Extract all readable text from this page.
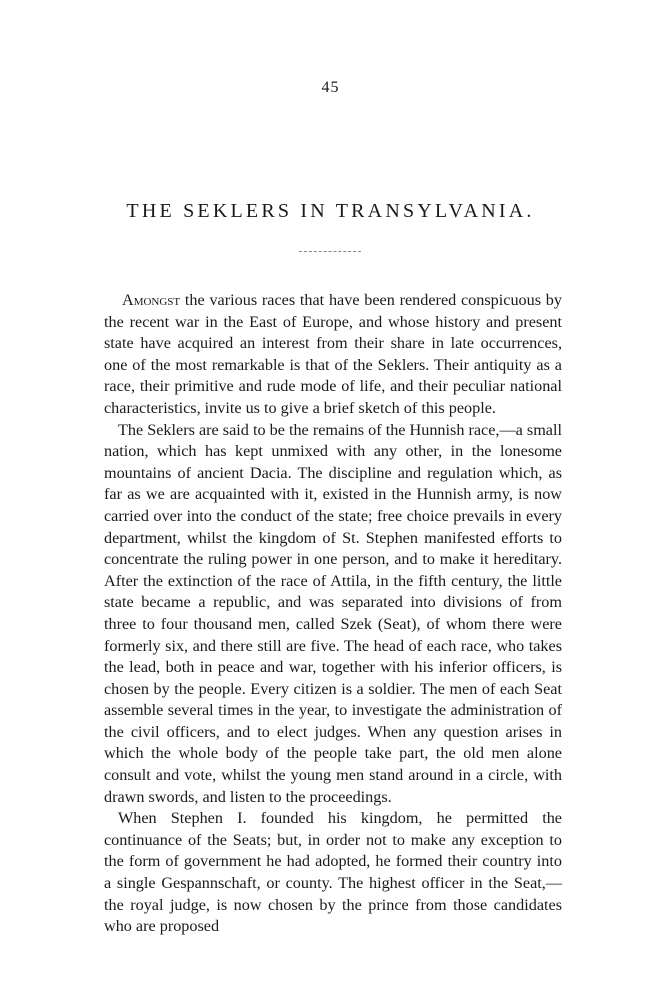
45
THE SEKLERS IN TRANSYLVANIA.

Amongst the various races that have been rendered conspicuous by the recent war in the East of Europe, and whose history and present state have acquired an interest from their share in late occurrences, one of the most remarkable is that of the Seklers. Their antiquity as a race, their primitive and rude mode of life, and their peculiar national characteristics, invite us to give a brief sketch of this people.

The Seklers are said to be the remains of the Hunnish race,—a small nation, which has kept unmixed with any other, in the lonesome mountains of ancient Dacia. The discipline and regulation which, as far as we are acquainted with it, existed in the Hunnish army, is now carried over into the conduct of the state; free choice prevails in every department, whilst the kingdom of St. Stephen manifested efforts to concentrate the ruling power in one person, and to make it hereditary. After the extinction of the race of Attila, in the fifth century, the little state became a republic, and was separated into divisions of from three to four thousand men, called Szek (Seat), of whom there were formerly six, and there still are five. The head of each race, who takes the lead, both in peace and war, together with his inferior officers, is chosen by the people. Every citizen is a soldier. The men of each Seat assemble several times in the year, to investigate the administration of the civil officers, and to elect judges. When any question arises in which the whole body of the people take part, the old men alone consult and vote, whilst the young men stand around in a circle, with drawn swords, and listen to the proceedings.

When Stephen I. founded his kingdom, he permitted the continuance of the Seats; but, in order not to make any exception to the form of government he had adopted, he formed their country into a single Gespannschaft, or county. The highest officer in the Seat,—the royal judge, is now chosen by the prince from those candidates who are proposed
